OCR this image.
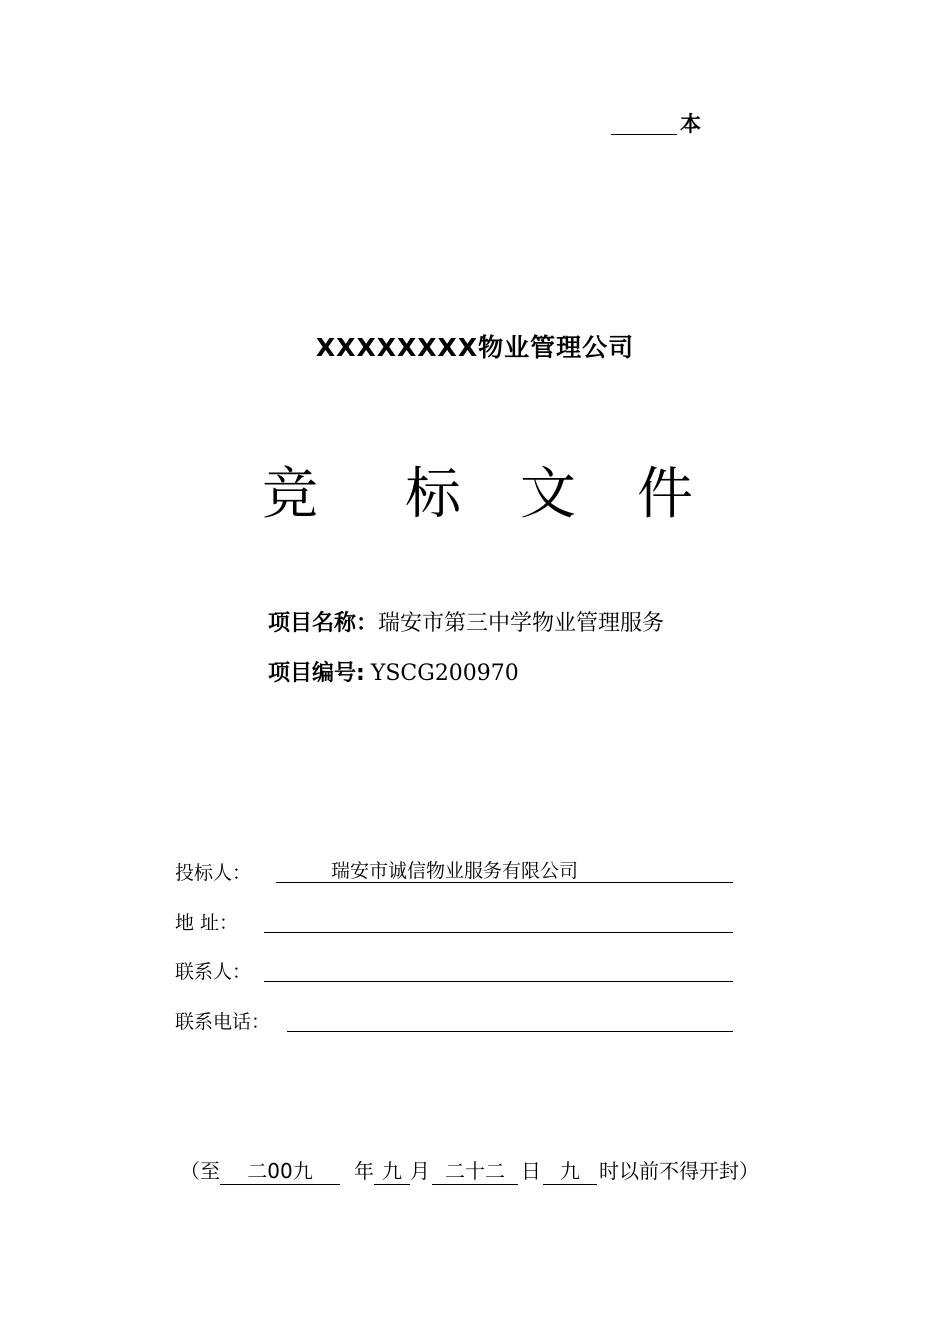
本
XXXXXXXX物业管理公司
竞 标 文 件
项目名称：瑞安市第三中学物业管理服务
项目编号: YSCG200970
投标人：	瑞安市诚信物业服务有限公司
地 址：
联系人：
联系电话：
（至	二00九	年 九 月 二十二 日 九 时以前不得开封）
